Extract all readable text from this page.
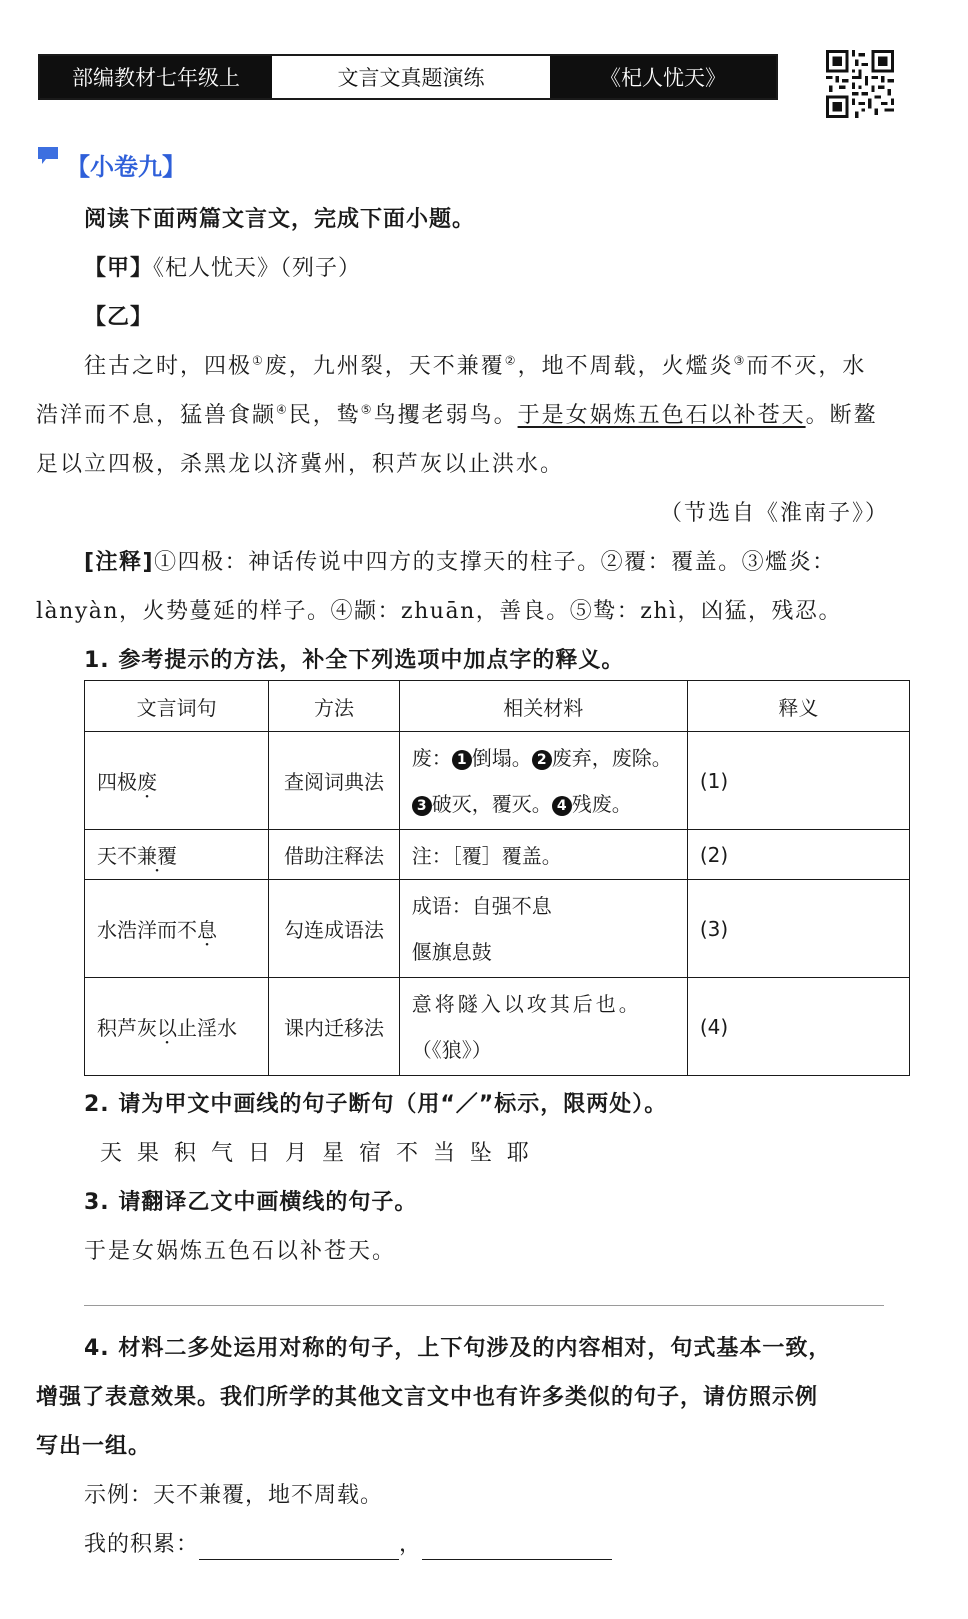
部编教材七年级上	文言文真题演练	《杞人忧天》
【小卷九】
阅读下面两篇文言文，完成下面小题。
【甲】《杞人忧天》（列子）
【乙】
往古之时，四极①废，九州裂，天不兼覆②，地不周载，火爁炎③而不灭，水
浩洋而不息，猛兽食颛④民，鸷⑤鸟攫老弱鸟。于是女娲炼五色石以补苍天。断鳌
足以立四极，杀黑龙以济冀州，积芦灰以止洪水。
（节选自《淮南子》）
[注释]①四极：神话传说中四方的支撑天的柱子。②覆：覆盖。③爁炎：
lànyàn，火势蔓延的样子。④颛：zhuān，善良。⑤鸷：zhì，凶猛，残忍。
1. 参考提示的方法，补全下列选项中加点字的释义。
文言词句	方法	相关材料	释义
四极废	查阅词典法	废： 1 倒塌。 2 废弃，废除。
3 破灭，覆灭。 4 残废。	(1)
天不兼覆	借助注释法	注：［覆］覆盖。	(2)
水浩洋而不息	勾连成语法	成语：自强不息
偃旗息鼓	(3)
积芦灰以止淫水	课内迁移法	意将隧入以攻其后也。
（《狼》）	(4)
2. 请为甲文中画线的句子断句（用“／”标示，限两处）。
天 果 积 气 日 月 星 宿 不 当 坠 耶
3. 请翻译乙文中画横线的句子。
于是女娲炼五色石以补苍天。
4. 材料二多处运用对称的句子，上下句涉及的内容相对，句式基本一致，
增强了表意效果。我们所学的其他文言文中也有许多类似的句子，请仿照示例
写出一组。
示例：天不兼覆，地不周载。
我的积累：	，
